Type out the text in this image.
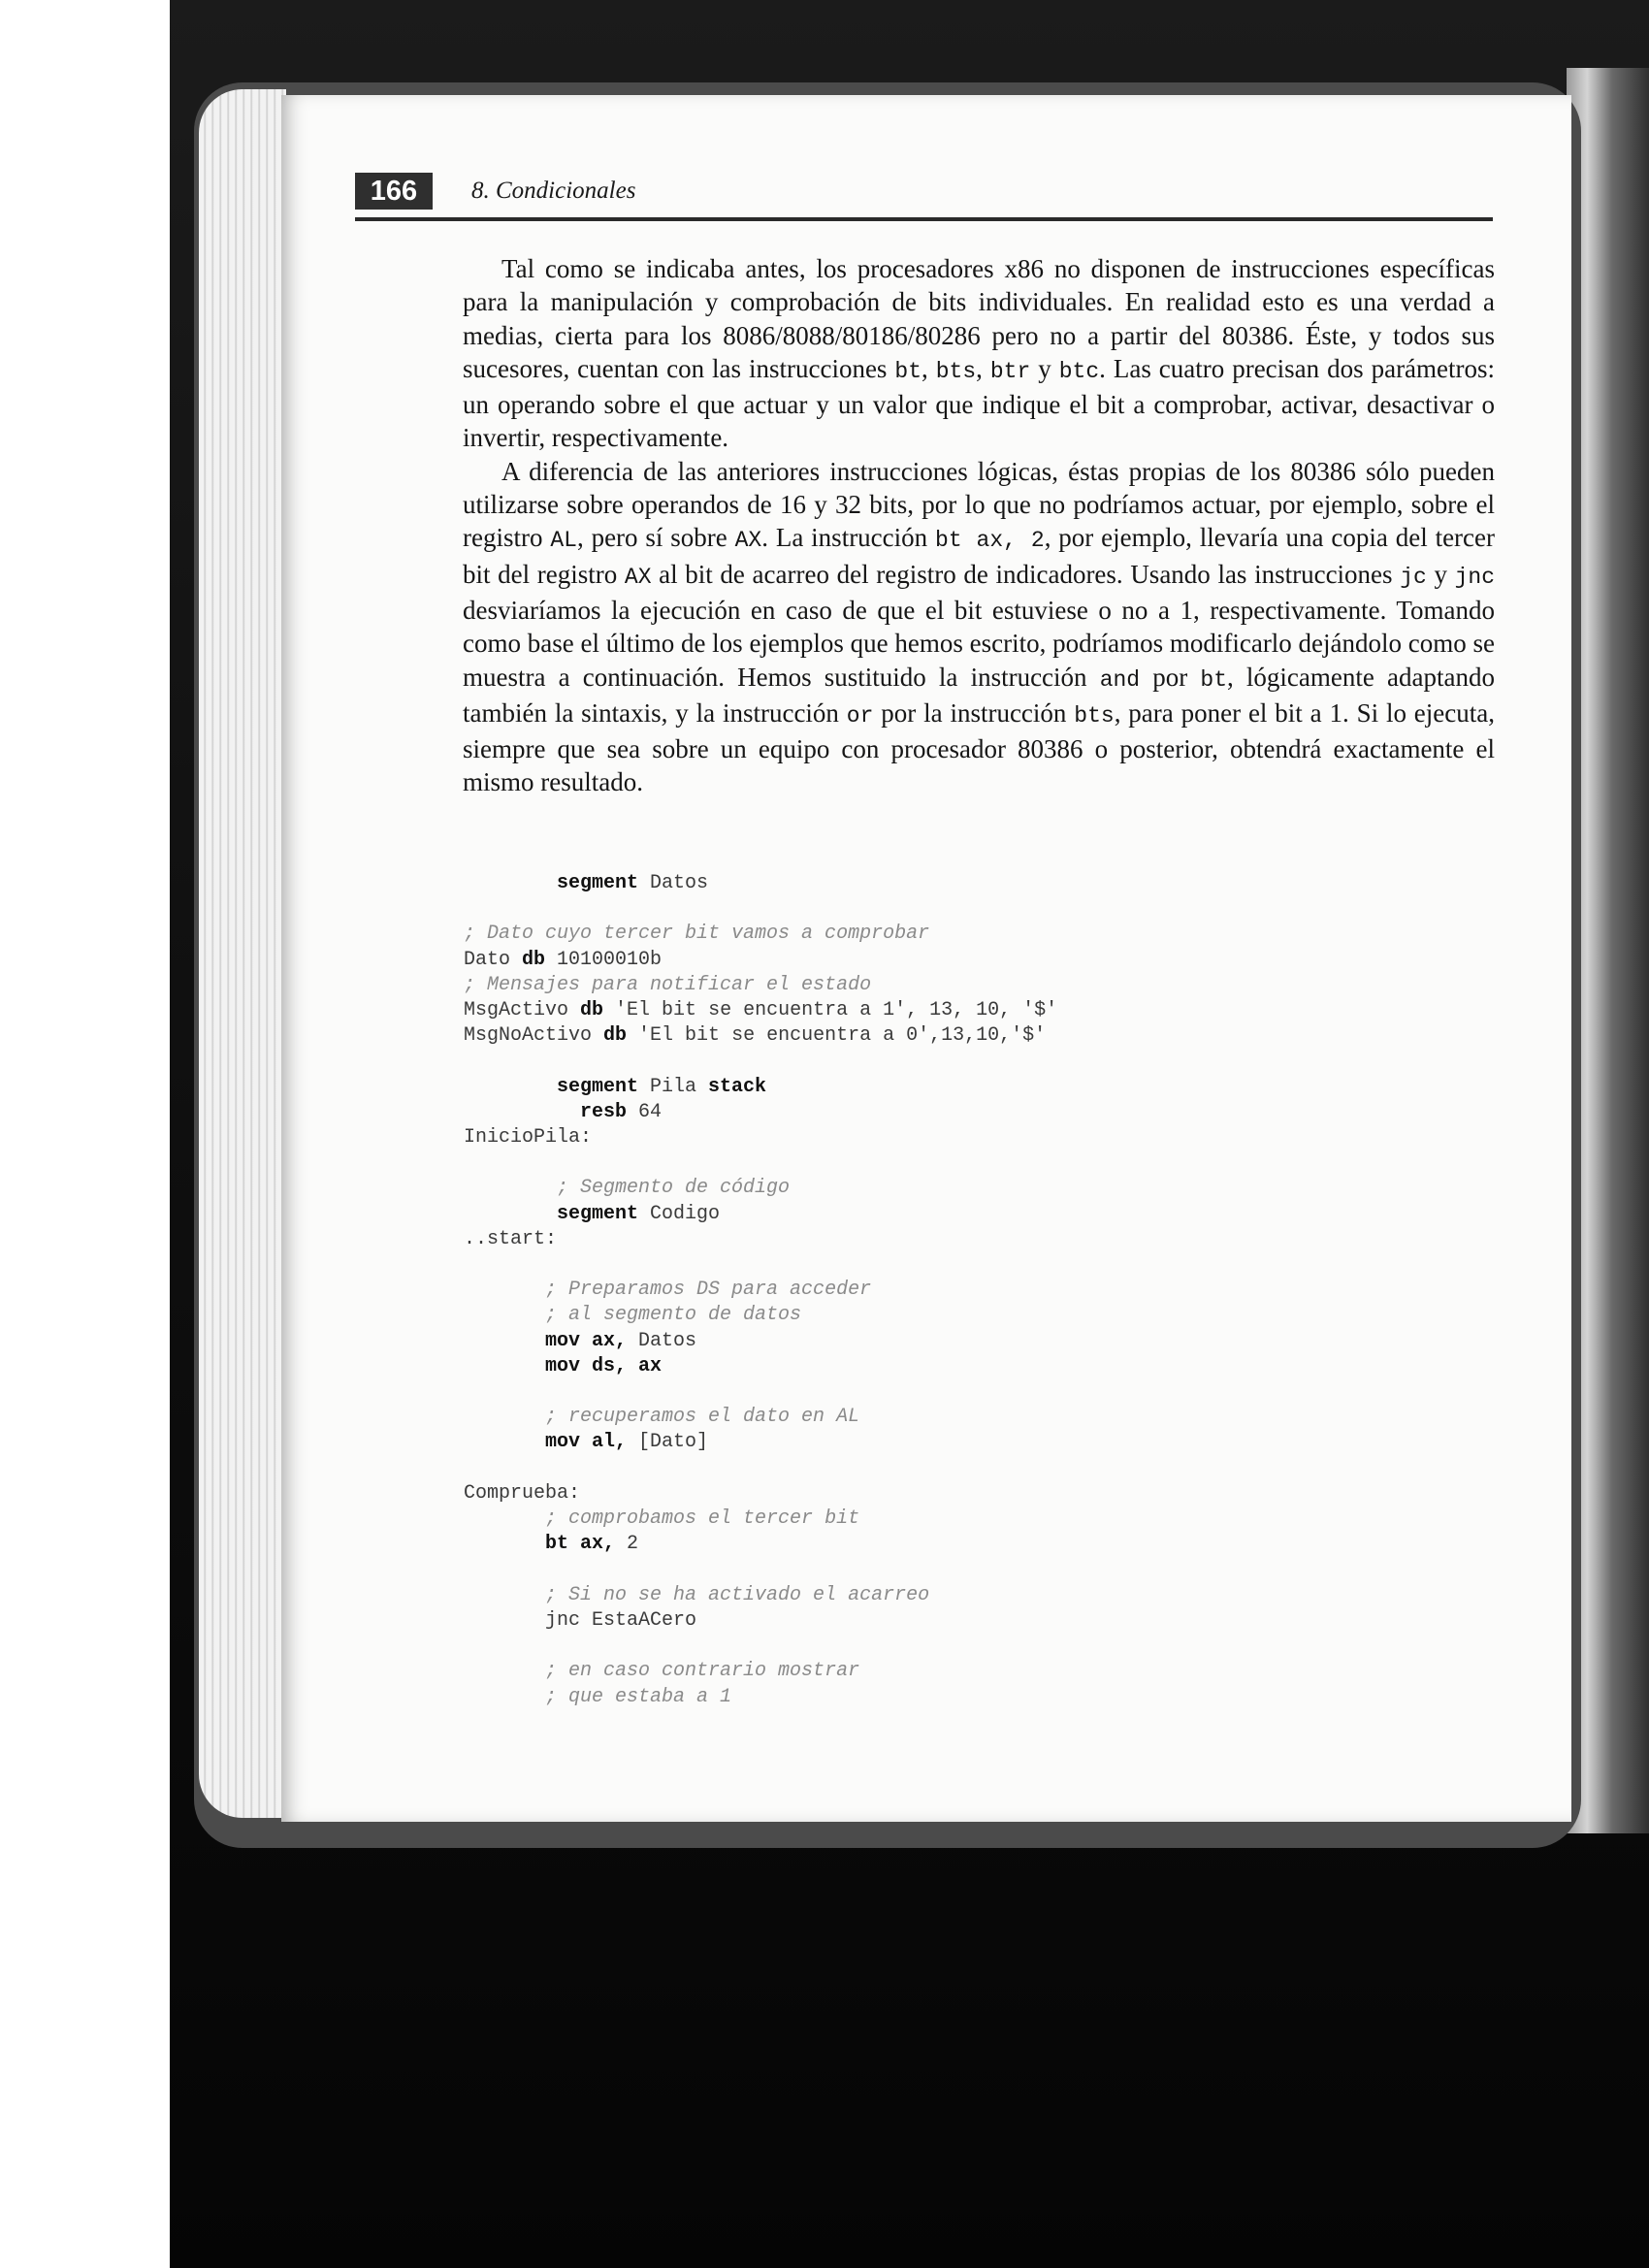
166	8. Condicionales

Tal como se indicaba antes, los procesadores x86 no disponen de instrucciones específicas para la manipulación y comprobación de bits individuales. En realidad esto es una verdad a medias, cierta para los 8086/8088/80186/80286 pero no a partir del 80386. Éste, y todos sus sucesores, cuentan con las instrucciones bt, bts, btr y btc. Las cuatro precisan dos parámetros: un operando sobre el que actuar y un valor que indique el bit a comprobar, activar, desactivar o invertir, respectivamente.

A diferencia de las anteriores instrucciones lógicas, éstas propias de los 80386 sólo pueden utilizarse sobre operandos de 16 y 32 bits, por lo que no podríamos actuar, por ejemplo, sobre el registro AL, pero sí sobre AX. La instrucción bt ax, 2, por ejemplo, llevaría una copia del tercer bit del registro AX al bit de acarreo del registro de indicadores. Usando las instrucciones jc y jnc desviaríamos la ejecución en caso de que el bit estuviese o no a 1, respectivamente. Tomando como base el último de los ejemplos que hemos escrito, podríamos modificarlo dejándolo como se muestra a continuación. Hemos sustituido la instrucción and por bt, lógicamente adaptando también la sintaxis, y la instrucción or por la instrucción bts, para poner el bit a 1. Si lo ejecuta, siempre que sea sobre un equipo con procesador 80386 o posterior, obtendrá exactamente el mismo resultado.

segment Datos

; Dato cuyo tercer bit vamos a comprobar
Dato db 10100010b
; Mensajes para notificar el estado
MsgActivo db 'El bit se encuentra a 1', 13, 10, '$'
MsgNoActivo db 'El bit se encuentra a 0',13,10,'$'

segment Pila stack
resb 64
InicioPila:

; Segmento de código
segment Codigo
..start:

; Preparamos DS para acceder
; al segmento de datos
mov ax, Datos
mov ds, ax

; recuperamos el dato en AL
mov al, [Dato]

Comprueba:
; comprobamos el tercer bit
bt ax, 2

; Si no se ha activado el acarreo
jnc EstaACero

; en caso contrario mostrar
; que estaba a 1
